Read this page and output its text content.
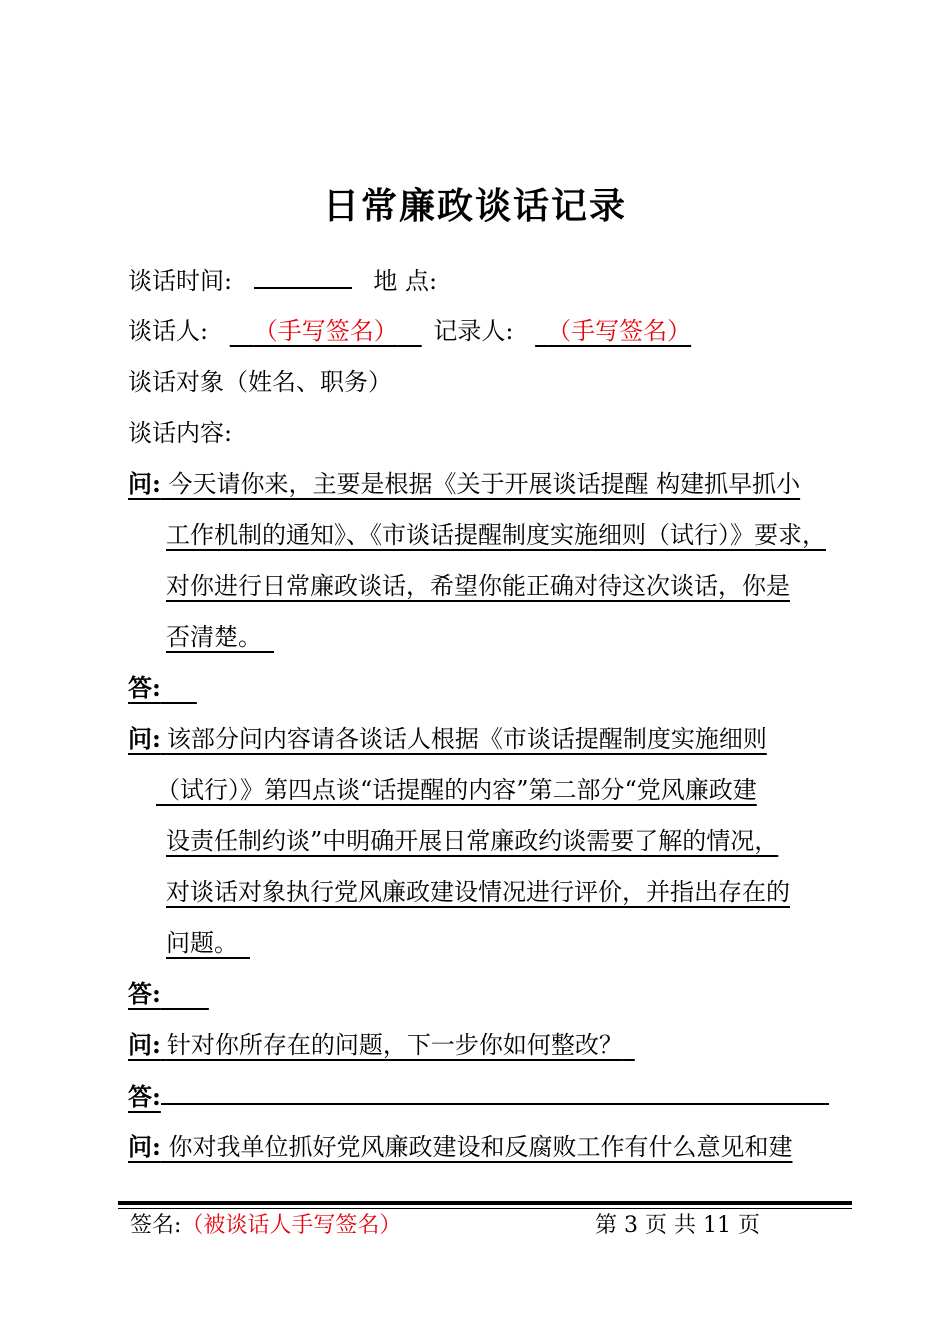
日常廉政谈话记录
谈话时间:	地 点:
谈话人:   （手写签名）  记录人:   （手写签名）
谈话对象（姓名、职务）
谈话内容:
问: 今天请你来，主要是根据《关于开展谈话提醒 构建抓早抓小
工作机制的通知》、《市谈话提醒制度实施细则（试行）》要求，
对你进行日常廉政谈话，希望你能正确对待这次谈话，你是
否清楚。 
答:  
问:  该部分问内容请各谈话人根据《市谈话提醒制度实施细则
（试行）》第四点谈“话提醒的内容”第二部分“党风廉政建
设责任制约谈”中明确开展日常廉政约谈需要了解的情况，
对谈话对象执行党风廉政建设情况进行评价，并指出存在的
问题。 
答:  
问:  针对你所存在的问题，下一步你如何整改？ 
答:
问: 你对我单位抓好党风廉政建设和反腐败工作有什么意见和建
签名:（被谈话人手写签名）	第 3 页 共 11 页
